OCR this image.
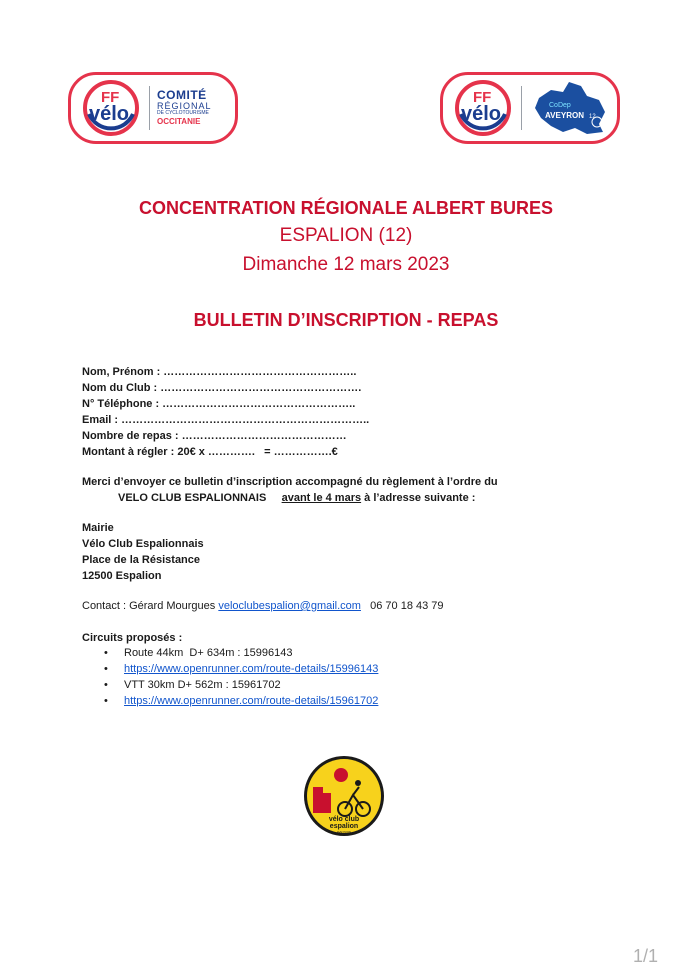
FF
vélo
COMITÉ
RÉGIONAL
DE CYCLOTOURISME
OCCITANIE
FF
vélo	CoDep
AVEYRON 12
CONCENTRATION RÉGIONALE ALBERT BURES
ESPALION (12)
Dimanche 12 mars 2023
BULLETIN D’INSCRIPTION - REPAS
Nom, Prénom : ……………………………………………..
Nom du Club : ……………………………………………….
N° Téléphone : ……………………………………………..
Email : …………………………………………………………..
Nombre de repas : ………………………………………
Montant à régler : 20€ x ………….   = …………….€
Merci d’envoyer ce bulletin d’inscription accompagné du règlement à l’ordre du
VELO CLUB ESPALIONNAIS avant le 4 mars à l’adresse suivante :
Mairie
Vélo Club Espalionnais
Place de la Résistance
12500 Espalion
Contact : Gérard Mourgues veloclubespalion@gmail.com 06 70 18 43 79
Circuits proposés :
• Route 44km  D+ 634m : 15996143
• https://www.openrunner.com/route-details/15996143
• VTT 30km D+ 562m : 15961702
• https://www.openrunner.com/route-details/15961702
vélo club
espalion
AVEYRON
1/1
